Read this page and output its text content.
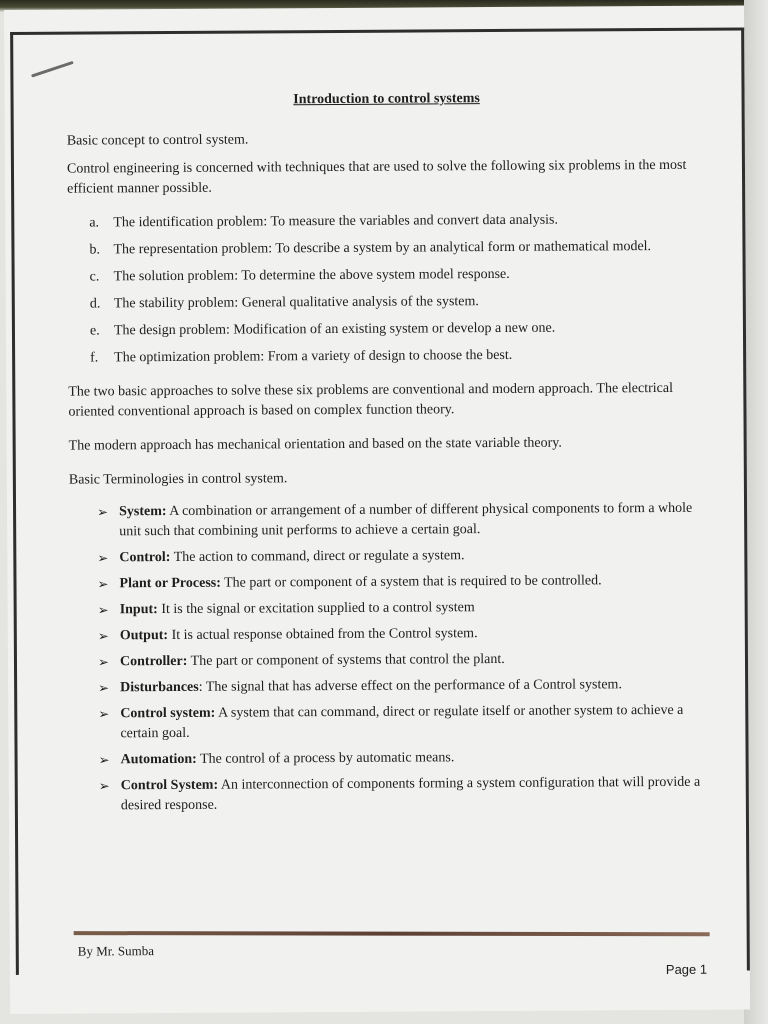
Introduction to control systems

Basic concept to control system.

Control engineering is concerned with techniques that are used to solve the following six problems in the most efficient manner possible.

a. The identification problem: To measure the variables and convert data analysis.
b. The representation problem: To describe a system by an analytical form or mathematical model.
c. The solution problem: To determine the above system model response.
d. The stability problem: General qualitative analysis of the system.
e. The design problem: Modification of an existing system or develop a new one.
f. The optimization problem: From a variety of design to choose the best.

The two basic approaches to solve these six problems are conventional and modern approach. The electrical oriented conventional approach is based on complex function theory.

The modern approach has mechanical orientation and based on the state variable theory.

Basic Terminologies in control system.

➢ System: A combination or arrangement of a number of different physical components to form a whole unit such that combining unit performs to achieve a certain goal.
➢ Control: The action to command, direct or regulate a system.
➢ Plant or Process: The part or component of a system that is required to be controlled.
➢ Input: It is the signal or excitation supplied to a control system
➢ Output: It is actual response obtained from the Control system.
➢ Controller: The part or component of systems that control the plant.
➢ Disturbances: The signal that has adverse effect on the performance of a Control system.
➢ Control system: A system that can command, direct or regulate itself or another system to achieve a certain goal.
➢ Automation: The control of a process by automatic means.
➢ Control System: An interconnection of components forming a system configuration that will provide a desired response.
By Mr. Sumba
Page 1
